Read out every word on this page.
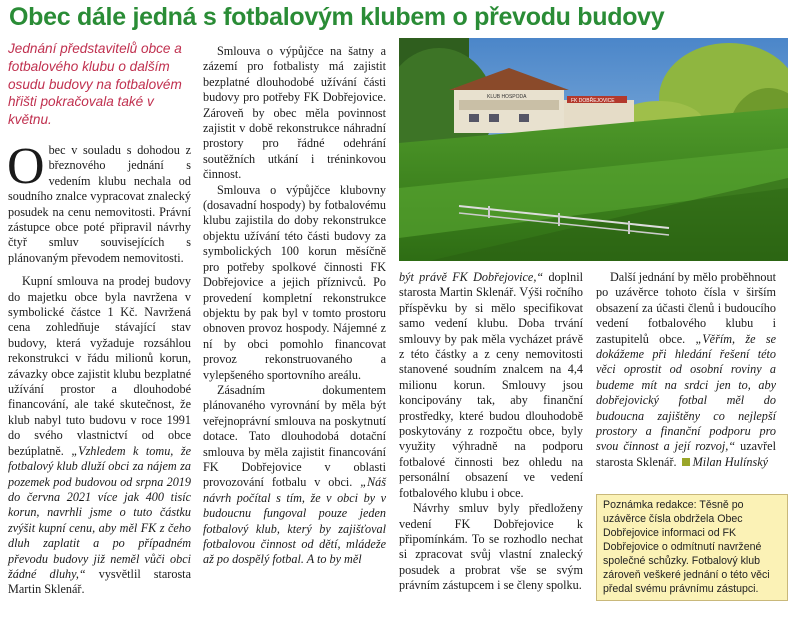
Obec dále jedná s fotbalovým klubem o převodu budovy

Jednání představitelů obce a fotbalového klubu o dalším osudu budovy na fotbalovém hřišti pokračovala také v květnu.

Obec v souladu s dohodou z březnového jednání s vedením klubu nechala od soudního znalce vypracovat znalecký posudek na cenu nemovitosti. Právní zástupce obce poté připravil návrhy čtyř smluv souvisejících s plánovaným převodem nemovitosti.

Kupní smlouva na prodej budovy do majetku obce byla navržena v symbolické částce 1 Kč. Navržená cena zohledňuje stávající stav budovy, která vyžaduje rozsáhlou rekonstrukci v řádu milionů korun, závazky obce zajistit klubu bezplatné užívání prostor a dlouhodobé financování, ale také skutečnost, že klub nabyl tuto budovu v roce 1991 do svého vlastnictví od obce bezúplatně. „Vzhledem k tomu, že fotbalový klub dluží obci za nájem za pozemek pod budovou od srpna 2019 do června 2021 více jak 400 tisíc korun, navrhli jsme o tuto částku zvýšit kupní cenu, aby měl FK z čeho dluh zaplatit a po případném převodu budovy již neměl vůči obci žádné dluhy,“ vysvětlil starosta Martin Sklenář.

Smlouva o výpůjčce na šatny a zázemí pro fotbalisty má zajistit bezplatné dlouhodobé užívání části budovy pro potřeby FK Dobřejovice. Zároveň by obec měla povinnost zajistit v době rekonstrukce náhradní prostory pro řádné odehrání soutěžních utkání i tréninkovou činnost.

Smlouva o výpůjčce klubovny (dosavadní hospody) by fotbalovému klubu zajistila do doby rekonstrukce objektu užívání této části budovy za symbolických 100 korun měsíčně pro potřeby spolkové činnosti FK Dobřejovice a jejich příznivců. Po provedení kompletní rekonstrukce objektu by pak byl v tomto prostoru obnoven provoz hospody. Nájemné z ní by obci pomohlo financovat provoz rekonstruovaného a vylepšeného sportovního areálu.

Zásadním dokumentem plánovaného vyrovnání by měla být veřejnoprávní smlouva na poskytnutí dotace. Tato dlouhodobá dotační smlouva by měla zajistit financování FK Dobřejovice v oblasti provozování fotbalu v obci. „Náš návrh počítal s tím, že v obci by v budoucnu fungoval pouze jeden fotbalový klub, který by zajišťoval fotbalovou činnost od dětí, mládeže až po dospělý fotbal. A to by měl

KLUB HOSPODA
FK DOBŘEJOVICE

být právě FK Dobřejovice,“ doplnil starosta Martin Sklenář. Výši ročního příspěvku by si mělo specifikovat samo vedení klubu. Doba trvání smlouvy by pak měla vycházet právě z této částky a z ceny nemovitosti stanovené soudním znalcem na 4,4 milionu korun. Smlouvy jsou koncipovány tak, aby finanční prostředky, které budou dlouhodobě poskytovány z rozpočtu obce, byly využity výhradně na podporu fotbalové činnosti bez ohledu na personální obsazení ve vedení fotbalového klubu i obce.

Návrhy smluv byly předloženy vedení FK Dobřejovice k připomínkám. To se rozhodlo nechat si zpracovat svůj vlastní znalecký posudek a probrat vše se svým právním zástupcem i se členy spolku.

Další jednání by mělo proběhnout po uzávěrce tohoto čísla v širším obsazení za účasti členů i budoucího vedení fotbalového klubu i zastupitelů obce. „Věřím, že se dokážeme při hledání řešení této věci oprostit od osobní roviny a budeme mít na srdci jen to, aby dobřejovický fotbal měl do budoucna zajištěny co nejlepší prostory a finanční podporu pro svou činnost a její rozvoj,“ uzavřel starosta Sklenář. Milan Hulínský

Poznámka redakce: Těsně po uzávěrce čísla obdržela Obec Dobřejovice informaci od FK Dobřejovice o odmítnutí navržené společné schůzky. Fotbalový klub zároveň veškeré jednání o této věci předal svému právnímu zástupci.
